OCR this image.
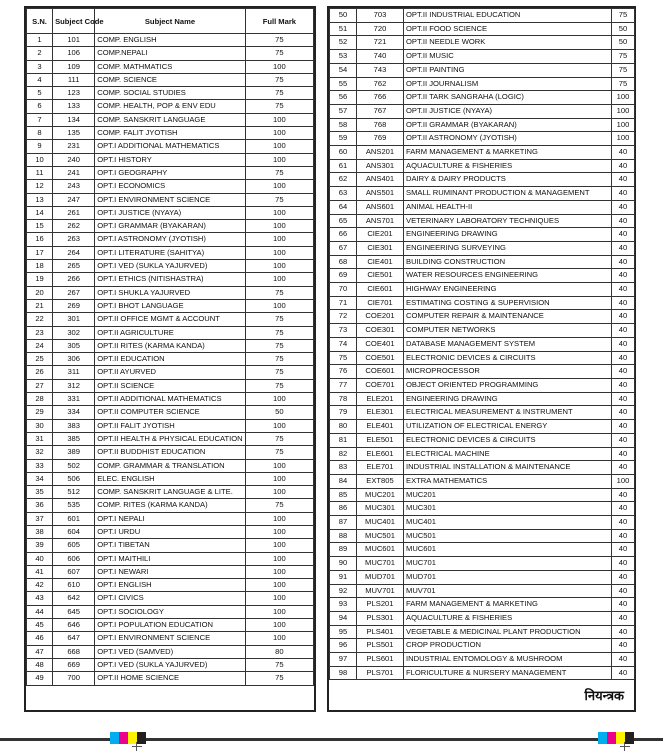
S.N.	Subject Code	Subject Name	Full Mark
1	101	COMP. ENGLISH	75
2	106	COMP.NEPALI	75
3	109	COMP. MATHMATICS	100
4	111	COMP. SCIENCE	75
5	123	COMP. SOCIAL STUDIES	75
6	133	COMP. HEALTH, POP & ENV EDU	75
7	134	COMP. SANSKRIT LANGUAGE	100
8	135	COMP. FALIT JYOTISH	100
9	231	OPT.I ADDITIONAL MATHEMATICS	100
10	240	OPT.I HISTORY	100
11	241	OPT.I GEOGRAPHY	75
12	243	OPT.I ECONOMICS	100
13	247	OPT.I ENVIRONMENT SCIENCE	75
14	261	OPT.I JUSTICE (NYAYA)	100
15	262	OPT.I GRAMMAR (BYAKARAN)	100
16	263	OPT.I ASTRONOMY (JYOTISH)	100
17	264	OPT.I LITERATURE (SAHITYA)	100
18	265	OPT.I VED (SUKLA YAJURVED)	100
19	266	OPT.I ETHICS (NITISHASTRA)	100
20	267	OPT.I SHUKLA YAJURVED	75
21	269	OPT.I BHOT LANGUAGE	100
22	301	OPT.II OFFICE MGMT & ACCOUNT	75
23	302	OPT.II AGRICULTURE	75
24	305	OPT.II RITES (KARMA KANDA)	75
25	306	OPT.II EDUCATION	75
26	311	OPT.II AYURVED	75
27	312	OPT.II SCIENCE	75
28	331	OPT.II ADDITIONAL MATHEMATICS	100
29	334	OPT.II COMPUTER SCIENCE	50
30	383	OPT.II FALIT JYOTISH	100
31	385	OPT.II HEALTH & PHYSICAL EDUCATION	75
32	389	OPT.II BUDDHIST EDUCATION	75
33	502	COMP. GRAMMAR & TRANSLATION	100
34	506	ELEC. ENGLISH	100
35	512	COMP. SANSKRIT LANGUAGE & LITE.	100
36	535	COMP. RITES (KARMA KANDA)	75
37	601	OPT.I NEPALI	100
38	604	OPT.I URDU	100
39	605	OPT.I TIBETAN	100
40	606	OPT.I MAITHILI	100
41	607	OPT.I NEWARI	100
42	610	OPT.I ENGLISH	100
43	642	OPT.I CIVICS	100
44	645	OPT.I SOCIOLOGY	100
45	646	OPT.I POPULATION EDUCATION	100
46	647	OPT.I ENVIRONMENT SCIENCE	100
47	668	OPT.I VED (SAMVED)	80
48	669	OPT.I VED (SUKLA YAJURVED)	75
49	700	OPT.II HOME SCIENCE	75
50	703	OPT.II INDUSTRIAL EDUCATION	75
51	720	OPT.II FOOD SCIENCE	50
52	721	OPT.II NEEDLE WORK	50
53	740	OPT.II MUSIC	75
54	743	OPT.II PAINTING	75
55	762	OPT.II JOURNALISM	75
56	766	OPT.II TARK SANGRAHA (LOGIC)	100
57	767	OPT.II JUSTICE (NYAYA)	100
58	768	OPT.II GRAMMAR (BYAKARAN)	100
59	769	OPT.II ASTRONOMY (JYOTISH)	100
60	ANS201	FARM MANAGEMENT & MARKETING	40
61	ANS301	AQUACULTURE & FISHERIES	40
62	ANS401	DAIRY & DAIRY PRODUCTS	40
63	ANS501	SMALL RUMINANT PRODUCTION & MANAGEMENT	40
64	ANS601	ANIMAL HEALTH-II	40
65	ANS701	VETERINARY LABORATORY TECHNIQUES	40
66	CIE201	ENGINEERING DRAWING	40
67	CIE301	ENGINEERING SURVEYING	40
68	CIE401	BUILDING CONSTRUCTION	40
69	CIE501	WATER RESOURCES ENGINEERING	40
70	CIE601	HIGHWAY ENGINEERING	40
71	CIE701	ESTIMATING COSTING & SUPERVISION	40
72	COE201	COMPUTER REPAIR & MAINTENANCE	40
73	COE301	COMPUTER NETWORKS	40
74	COE401	DATABASE MANAGEMENT SYSTEM	40
75	COE501	ELECTRONIC DEVICES & CIRCUITS	40
76	COE601	MICROPROCESSOR	40
77	COE701	OBJECT ORIENTED PROGRAMMING	40
78	ELE201	ENGINEERING DRAWING	40
79	ELE301	ELECTRICAL MEASUREMENT & INSTRUMENT	40
80	ELE401	UTILIZATION OF ELECTRICAL ENERGY	40
81	ELE501	ELECTRONIC DEVICES & CIRCUITS	40
82	ELE601	ELECTRICAL MACHINE	40
83	ELE701	INDUSTRIAL INSTALLATION & MAINTENANCE	40
84	EXT805	EXTRA MATHEMATICS	100
85	MUC201	MUC201	40
86	MUC301	MUC301	40
87	MUC401	MUC401	40
88	MUC501	MUC501	40
89	MUC601	MUC601	40
90	MUC701	MUC701	40
91	MUD701	MUD701	40
92	MUV701	MUV701	40
93	PLS201	FARM MANAGEMENT & MARKETING	40
94	PLS301	AQUACULTURE & FISHERIES	40
95	PLS401	VEGETABLE & MEDICINAL PLANT PRODUCTION	40
96	PLS501	CROP PRODUCTION	40
97	PLS601	INDUSTRIAL ENTOMOLOGY & MUSHROOM	40
98	PLS701	FLORICULTURE & NURSERY MANAGEMENT	40
नियन्त्रक
